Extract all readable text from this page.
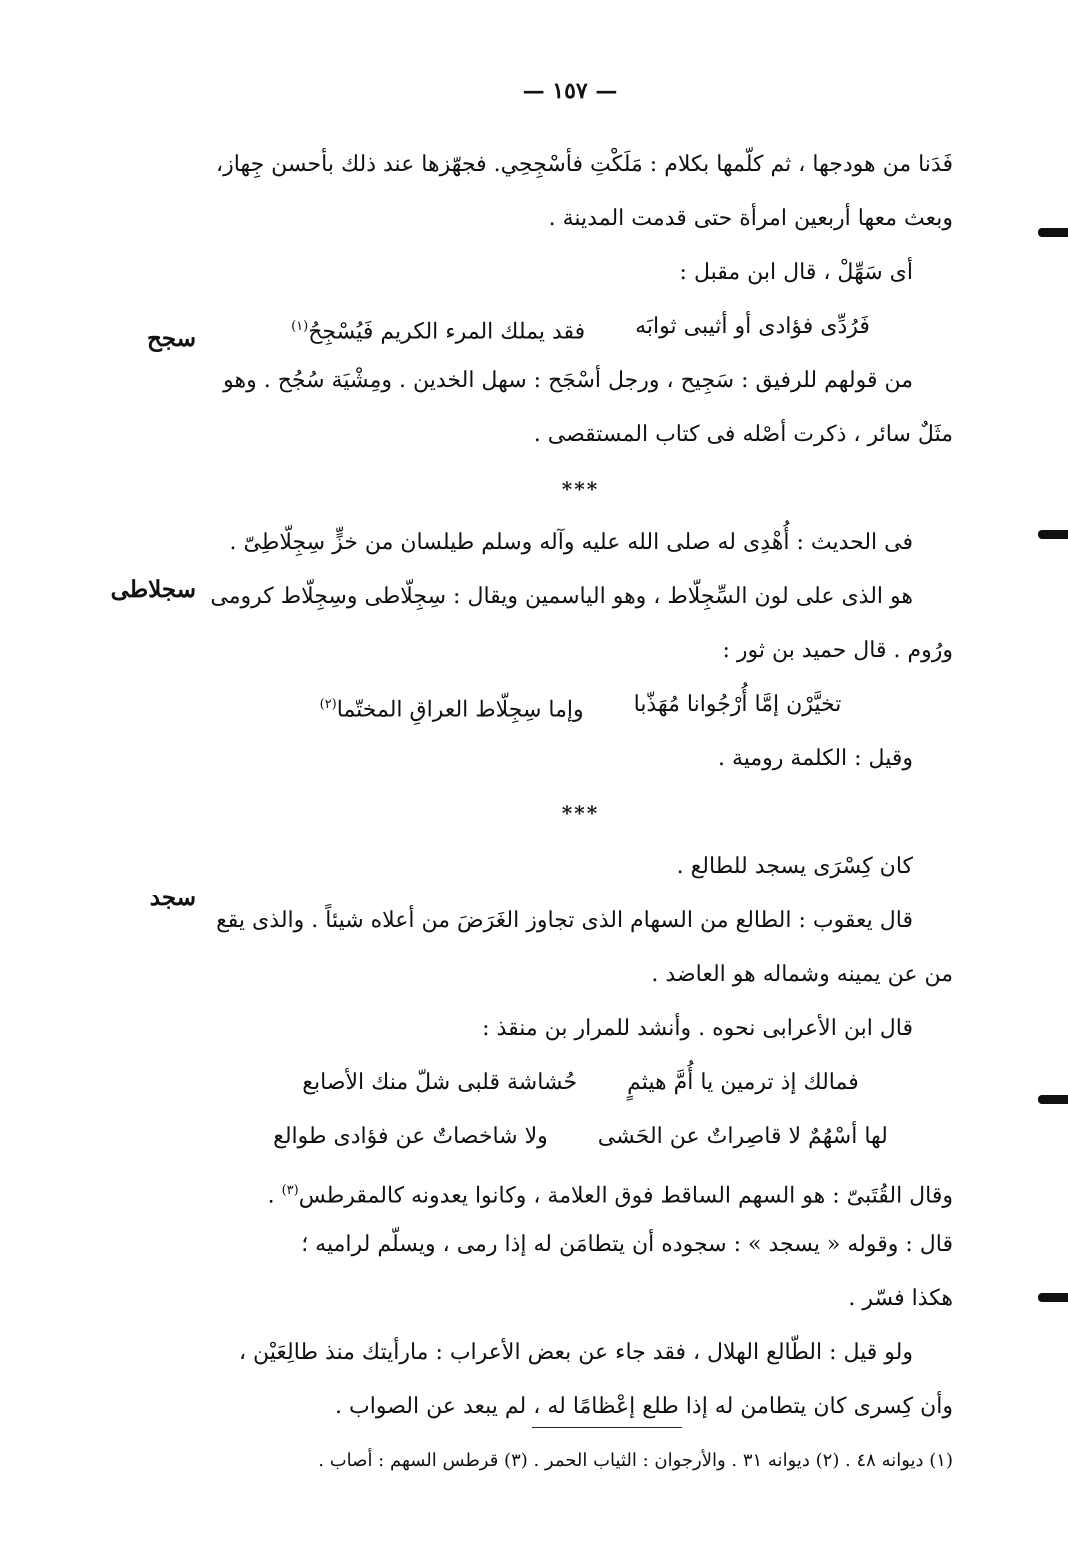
— ١٥٧ —
فَدَنا من هودجها ، ثم كلّمها بكلام : مَلَكْتِ فأسْجِحِي. فجهّزها عند ذلك بأحسن جِهاز،
وبعث معها أربعين امرأة حتى قدمت المدينة .
أى سَهِّلْ ، قال ابن مقبل :
فَرُدِّى فؤادى أو أثيبى ثوابَه
فقد يملك المرء الكريم فَيُسْجِحُ$^{(١)}$
من قولهم للرفيق : سَجِيح ، ورجل أسْجَح : سهل الخدين . ومِشْيَة سُجُح . وهو
مثَلٌ سائر ، ذكرت أصْله فى كتاب المستقصى .
***
فى الحديث : أُهْدِى له صلى الله عليه وآله وسلم طيلسان من خزٍّ سِجِلّاطِىّ .
هو الذى على لون السِّجِلّاط ، وهو الياسمين ويقال : سِجِلّاطى وسِجِلّاط كرومى
ورُوم . قال حميد بن ثور :
تخيَّرْن إمَّا أُرْجُوانا مُهَذّبا
وإما سِجِلّاط العراقِ المختّما$^{(٢)}$
وقيل : الكلمة رومية .
***
كان كِسْرَى يسجد للطالع .
قال يعقوب : الطالع من السهام الذى تجاوز الغَرَضَ من أعلاه شيئاً . والذى يقع
من عن يمينه وشماله هو العاضد .
قال ابن الأعرابى نحوه . وأنشد للمرار بن منقذ :
فمالك إذ ترمين يا أُمَّ هيثمٍ
حُشاشة قلبى شلّ منك الأصابع
لها أسْهُمٌ لا قاصِراتٌ عن الحَشى
ولا شاخصاتٌ عن فؤادى طوالع
وقال القُتَبىّ : هو السهم الساقط فوق العلامة ، وكانوا يعدونه كالمقرطس$^{(٣)}$ .
قال : وقوله « يسجد » : سجوده أن يتطامَن له إذا رمى ، ويسلّم لراميه ؛
هكذا فسّر .
ولو قيل : الطّالع الهلال ، فقد جاء عن بعض الأعراب : مارأيتك منذ طالِعَيْن ،
وأن كِسرى كان يتطامن له إذا طلع إعْظامًا له ، لم يبعد عن الصواب .
سجح
سجلاطى
سجد
(١) ديوانه ٤٨ . (٢) ديوانه ٣١ . والأرجوان : الثياب الحمر . (٣) قرطس السهم : أصاب .
